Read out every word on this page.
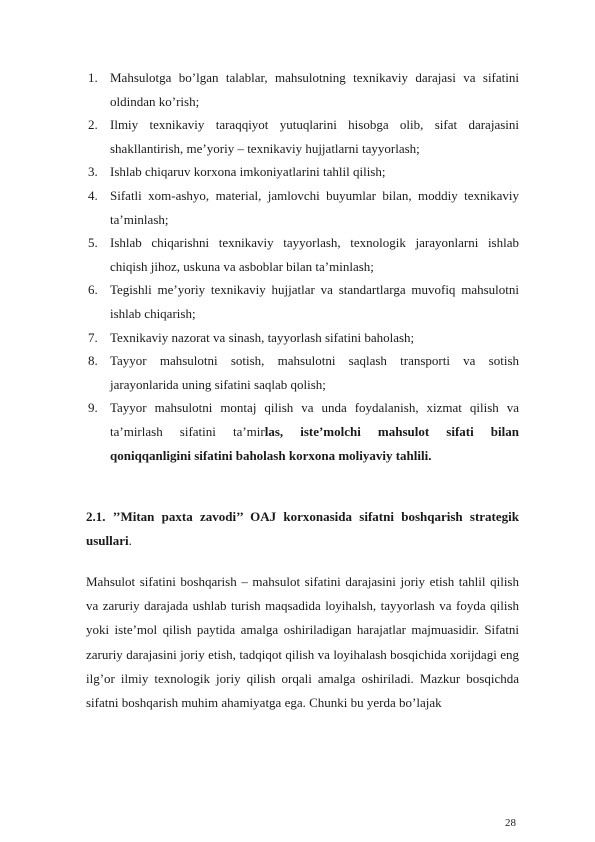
1. Mahsulotga bo’lgan talablar, mahsulotning texnikaviy darajasi va sifatini oldindan ko’rish;
2. Ilmiy texnikaviy taraqqiyot yutuqlarini hisobga olib, sifat darajasini shakllantirish, me’yoriy – texnikaviy hujjatlarni tayyorlash;
3. Ishlab chiqaruv korxona imkoniyatlarini tahlil qilish;
4. Sifatli xom-ashyo, material, jamlovchi buyumlar bilan, moddiy texnikaviy ta’minlash;
5. Ishlab chiqarishni texnikaviy tayyorlash, texnologik jarayonlarni ishlab chiqish jihoz, uskuna va asboblar bilan ta’minlash;
6. Tegishli me’yoriy texnikaviy hujjatlar va standartlarga muvofiq mahsulotni ishlab chiqarish;
7. Texnikaviy nazorat va sinash, tayyorlash sifatini baholash;
8. Tayyor mahsulotni sotish, mahsulotni saqlash transporti va sotish jarayonlarida uning sifatini saqlab qolish;
9. Tayyor mahsulotni montaj qilish va unda foydalanish, xizmat qilish va ta’mirlash sifatini ta’mirlas, iste’molchi mahsulot sifati bilan qoniqqanligini sifatini baholash korxona moliyaviy tahlili.
2.1. ’’Mitan paxta zavodi’’ OAJ korxonasida sifatni boshqarish strategik usullari.
Mahsulot sifatini boshqarish – mahsulot sifatini darajasini joriy etish tahlil qilish va zaruriy darajada ushlab turish maqsadida loyihalsh, tayyorlash va foyda qilish yoki iste’mol qilish paytida amalga oshiriladigan harajatlar majmuasidir. Sifatni zaruriy darajasini joriy etish, tadqiqot qilish va loyihalash bosqichida xorijdagi eng ilg’or ilmiy texnologik joriy qilish orqali amalga oshiriladi. Mazkur bosqichda sifatni boshqarish muhim ahamiyatga ega. Chunki bu yerda bo’lajak
28
